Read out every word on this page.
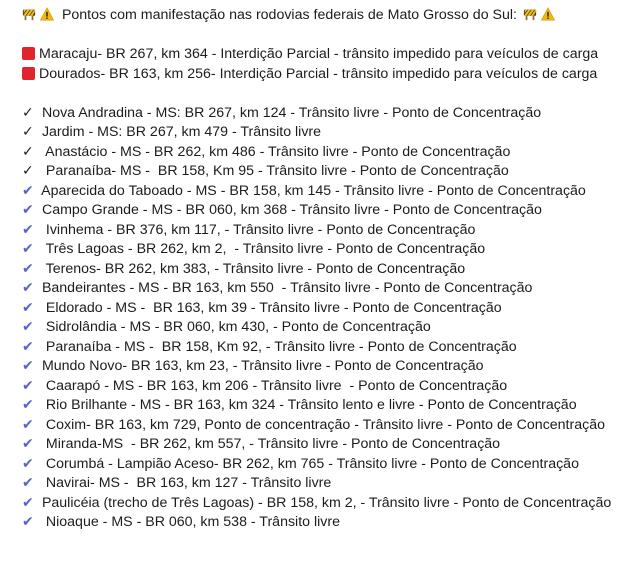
Pontos com manifestação nas rodovias federais de Mato Grosso do Sul:
Maracaju- BR 267, km 364 - Interdição Parcial - trânsito impedido para veículos de carga
Dourados- BR 163, km 256- Interdição Parcial - trânsito impedido para veículos de carga
✓ Nova Andradina - MS: BR 267, km 124 - Trânsito livre - Ponto de Concentração
✓ Jardim - MS: BR 267, km 479 - Trânsito livre
✓  Anastácio - MS - BR 262, km 486 - Trânsito livre - Ponto de Concentração
✓  Paranaíba- MS -  BR 158, Km 95 - Trânsito livre - Ponto de Concentração
✔ Aparecida do Taboado - MS - BR 158, km 145 - Trânsito livre - Ponto de Concentração
✔ Campo Grande - MS - BR 060, km 368 - Trânsito livre - Ponto de Concentração
✔  Ivinhema - BR 376, km 117, - Trânsito livre - Ponto de Concentração
✔  Três Lagoas - BR 262, km 2,  - Trânsito livre - Ponto de Concentração
✔  Terenos- BR 262, km 383, - Trânsito livre - Ponto de Concentração
✔ Bandeirantes - MS - BR 163, km 550  - Trânsito livre - Ponto de Concentração
✔  Eldorado - MS -  BR 163, km 39 - Trânsito livre - Ponto de Concentração
✔  Sidrolândia - MS - BR 060, km 430, - Ponto de Concentração
✔  Paranaíba - MS -  BR 158, Km 92, - Trânsito livre - Ponto de Concentração
✔ Mundo Novo- BR 163, km 23, - Trânsito livre - Ponto de Concentração
✔  Caarapó - MS - BR 163, km 206 - Trânsito livre  - Ponto de Concentração
✔  Rio Brilhante - MS - BR 163, km 324 - Trânsito lento e livre - Ponto de Concentração
✔  Coxim- BR 163, km 729, Ponto de concentração - Trânsito livre - Ponto de Concentração
✔  Miranda-MS  - BR 262, km 557, - Trânsito livre - Ponto de Concentração
✔  Corumbá - Lampião Aceso- BR 262, km 765 - Trânsito livre - Ponto de Concentração
✔  Navirai- MS -  BR 163, km 127 - Trânsito livre
✔ Paulicéia (trecho de Três Lagoas) - BR 158, km 2, - Trânsito livre - Ponto de Concentração
✔  Nioaque - MS - BR 060, km 538 - Trânsito livre
